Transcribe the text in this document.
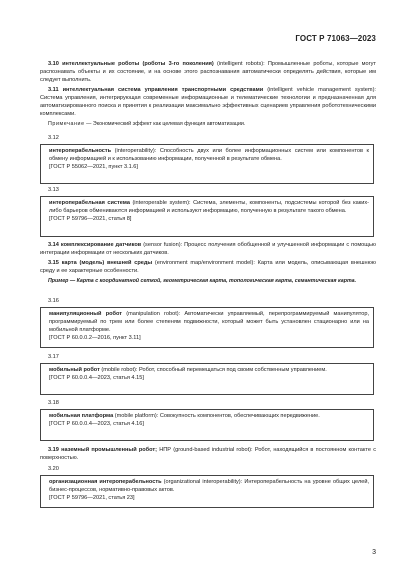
ГОСТ Р 71063—2023
3.10 интеллектуальные роботы (роботы 3-го поколения) (intelligent robots): Промышленные роботы, которые могут распознавать объекты и их состояние, и на основе этого распознавания автоматически определять действия, которые им следует выполнить.
3.11 интеллектуальная система управления транспортными средствами (intelligent vehicle management system): Система управления, интегрирующая современные информационные и телематические технологии и предназначенная для автоматизированного поиска и принятия к реализации максимально эффективных сценариев управления робототехническими комплексами.
Примечание — Экономический эффект как целевая функция автоматизации.
3.12
интероперабельность (interoperability): Способность двух или более информационных систем или компонентов к обмену информацией и к использованию информации, полученной в результате обмена.
[ГОСТ Р 55062—2021, пункт 3.1.6]
3.13
интероперабельная система (interoperable system): Система, элементы, компоненты, подсистемы которой без каких-либо барьеров обмениваются информацией и используют информацию, полученную в результате такого обмена.
[ГОСТ Р 59796—2021, статья 8]
3.14 комплексирование датчиков (sensor fusion): Процесс получения обобщенной и улучшенной информации с помощью интеграции информации от нескольких датчиков.
3.15 карта (модель) внешней среды (environment map/environment model): Карта или модель, описывающая внешнюю среду и ее характерные особенности.
Пример — Карта с координатной сеткой, геометрическая карта, топологическая карта, семантическая карта.
3.16
манипуляционный робот (manipulation robot): Автоматически управляемый, перепрограммируемый манипулятор, программируемый по трем или более степеням подвижности, который может быть установлен стационарно или на мобильной платформе.
[ГОСТ Р 60.0.0.2—2016, пункт 3.11]
3.17
мобильный робот (mobile robot): Робот, способный перемещаться под своим собственным управлением.
[ГОСТ Р 60.0.0.4—2023, статья 4.15]
3.18
мобильная платформа (mobile platform): Совокупность компонентов, обеспечивающих передвижение.
[ГОСТ Р 60.0.0.4—2023, статья 4.16]
3.19 наземный промышленный робот; НПР (ground-based industrial robot): Робот, находящийся в постоянном контакте с поверхностью.
3.20
организационная интероперабельность (organizational interoperability): Интероперабельность на уровне общих целей, бизнес-процессов, нормативно-правовых актов.
[ГОСТ Р 59796—2021, статья 23]
3
